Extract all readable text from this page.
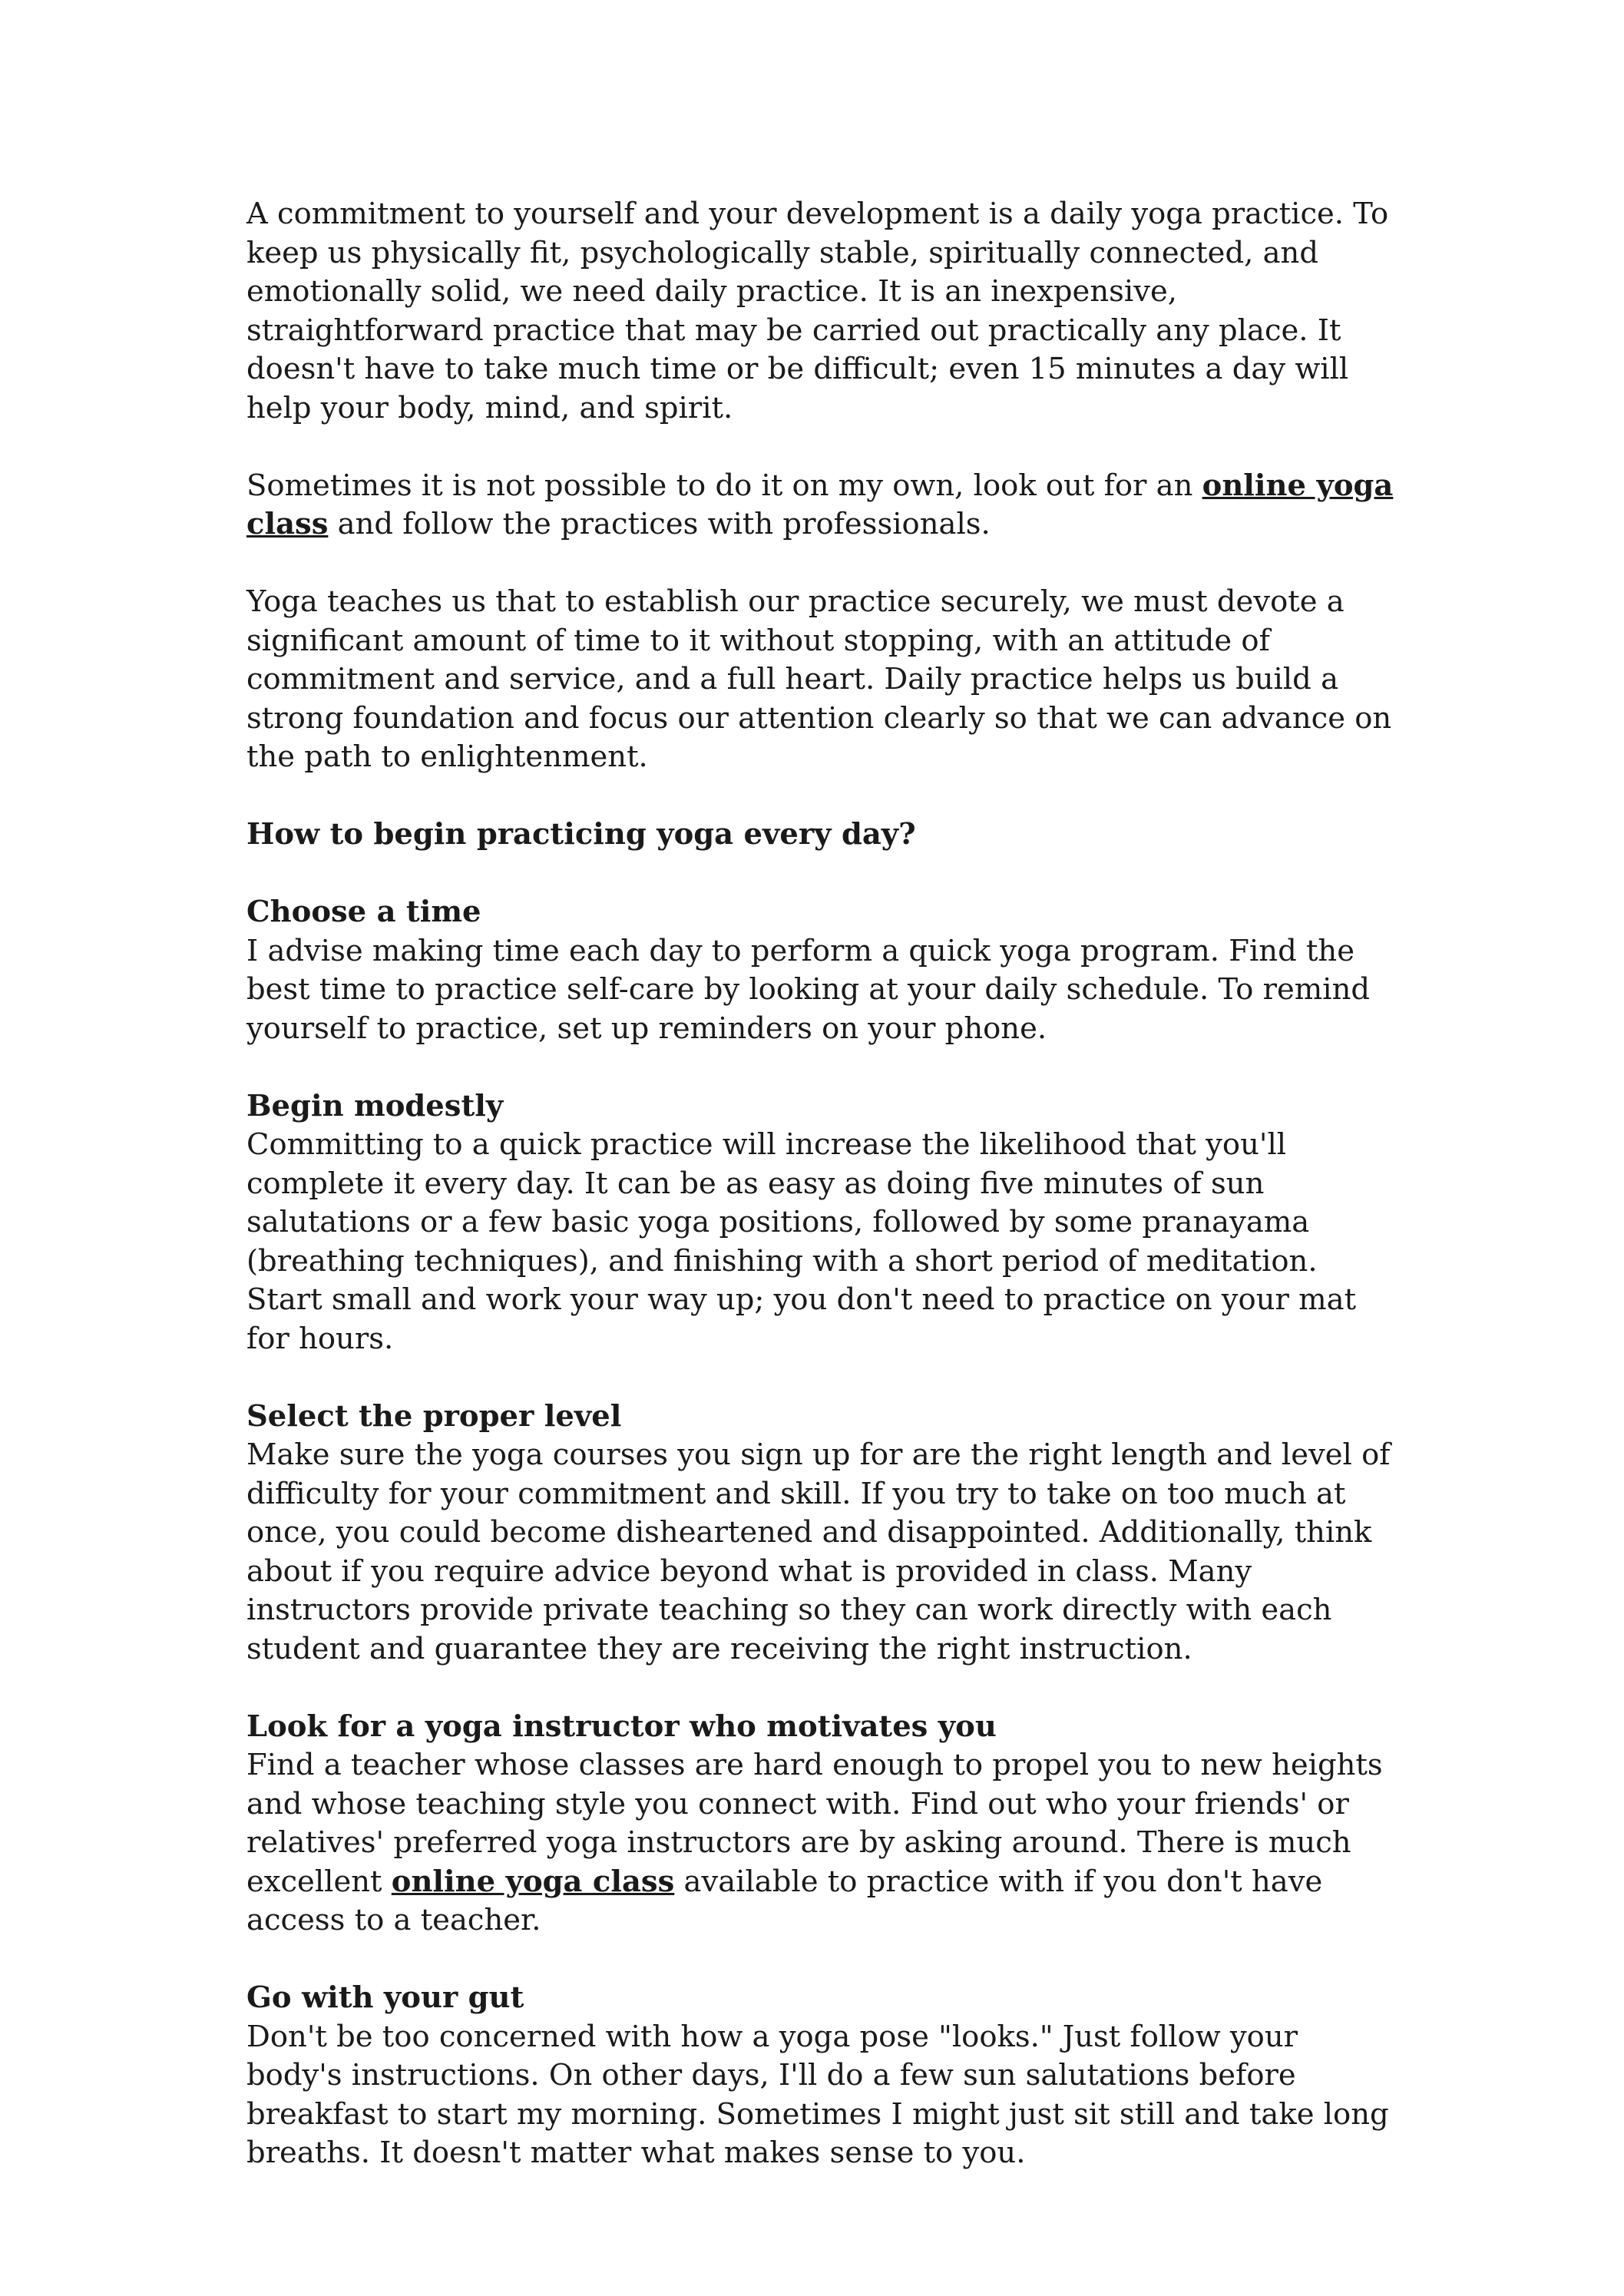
A commitment to yourself and your development is a daily yoga practice. To keep us physically fit, psychologically stable, spiritually connected, and emotionally solid, we need daily practice. It is an inexpensive, straightforward practice that may be carried out practically any place. It doesn't have to take much time or be difficult; even 15 minutes a day will help your body, mind, and spirit.

Sometimes it is not possible to do it on my own, look out for an online yoga class and follow the practices with professionals.

Yoga teaches us that to establish our practice securely, we must devote a significant amount of time to it without stopping, with an attitude of commitment and service, and a full heart. Daily practice helps us build a strong foundation and focus our attention clearly so that we can advance on the path to enlightenment.

How to begin practicing yoga every day?

Choose a time

I advise making time each day to perform a quick yoga program. Find the best time to practice self-care by looking at your daily schedule. To remind yourself to practice, set up reminders on your phone.

Begin modestly

Committing to a quick practice will increase the likelihood that you'll complete it every day. It can be as easy as doing five minutes of sun salutations or a few basic yoga positions, followed by some pranayama (breathing techniques), and finishing with a short period of meditation. Start small and work your way up; you don't need to practice on your mat for hours.

Select the proper level

Make sure the yoga courses you sign up for are the right length and level of difficulty for your commitment and skill. If you try to take on too much at once, you could become disheartened and disappointed. Additionally, think about if you require advice beyond what is provided in class. Many instructors provide private teaching so they can work directly with each student and guarantee they are receiving the right instruction.

Look for a yoga instructor who motivates you

Find a teacher whose classes are hard enough to propel you to new heights and whose teaching style you connect with. Find out who your friends' or relatives' preferred yoga instructors are by asking around. There is much excellent online yoga class available to practice with if you don't have access to a teacher.

Go with your gut

Don't be too concerned with how a yoga pose "looks." Just follow your body's instructions. On other days, I'll do a few sun salutations before breakfast to start my morning. Sometimes I might just sit still and take long breaths. It doesn't matter what makes sense to you.
